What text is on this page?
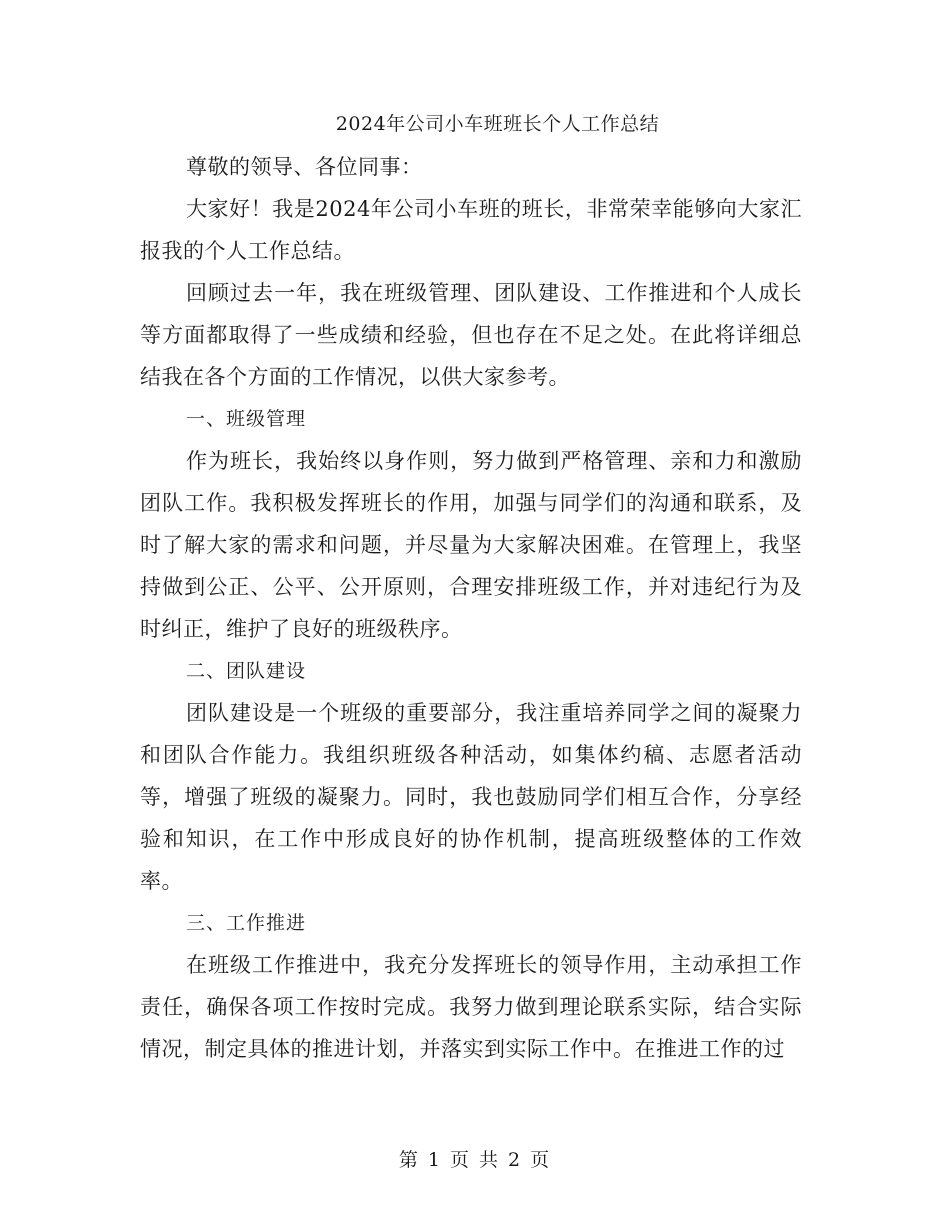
2024年公司小车班班长个人工作总结

尊敬的领导、各位同事：

大家好！我是2024年公司小车班的班长，非常荣幸能够向大家汇报我的个人工作总结。

回顾过去一年，我在班级管理、团队建设、工作推进和个人成长等方面都取得了一些成绩和经验，但也存在不足之处。在此将详细总结我在各个方面的工作情况，以供大家参考。

一、班级管理

作为班长，我始终以身作则，努力做到严格管理、亲和力和激励团队工作。我积极发挥班长的作用，加强与同学们的沟通和联系，及时了解大家的需求和问题，并尽量为大家解决困难。在管理上，我坚持做到公正、公平、公开原则，合理安排班级工作，并对违纪行为及时纠正，维护了良好的班级秩序。

二、团队建设

团队建设是一个班级的重要部分，我注重培养同学之间的凝聚力和团队合作能力。我组织班级各种活动，如集体约稿、志愿者活动等，增强了班级的凝聚力。同时，我也鼓励同学们相互合作，分享经验和知识，在工作中形成良好的协作机制，提高班级整体的工作效率。

三、工作推进

在班级工作推进中，我充分发挥班长的领导作用，主动承担工作责任，确保各项工作按时完成。我努力做到理论联系实际，结合实际情况，制定具体的推进计划，并落实到实际工作中。在推进工作的过

第 1 页 共 2 页
